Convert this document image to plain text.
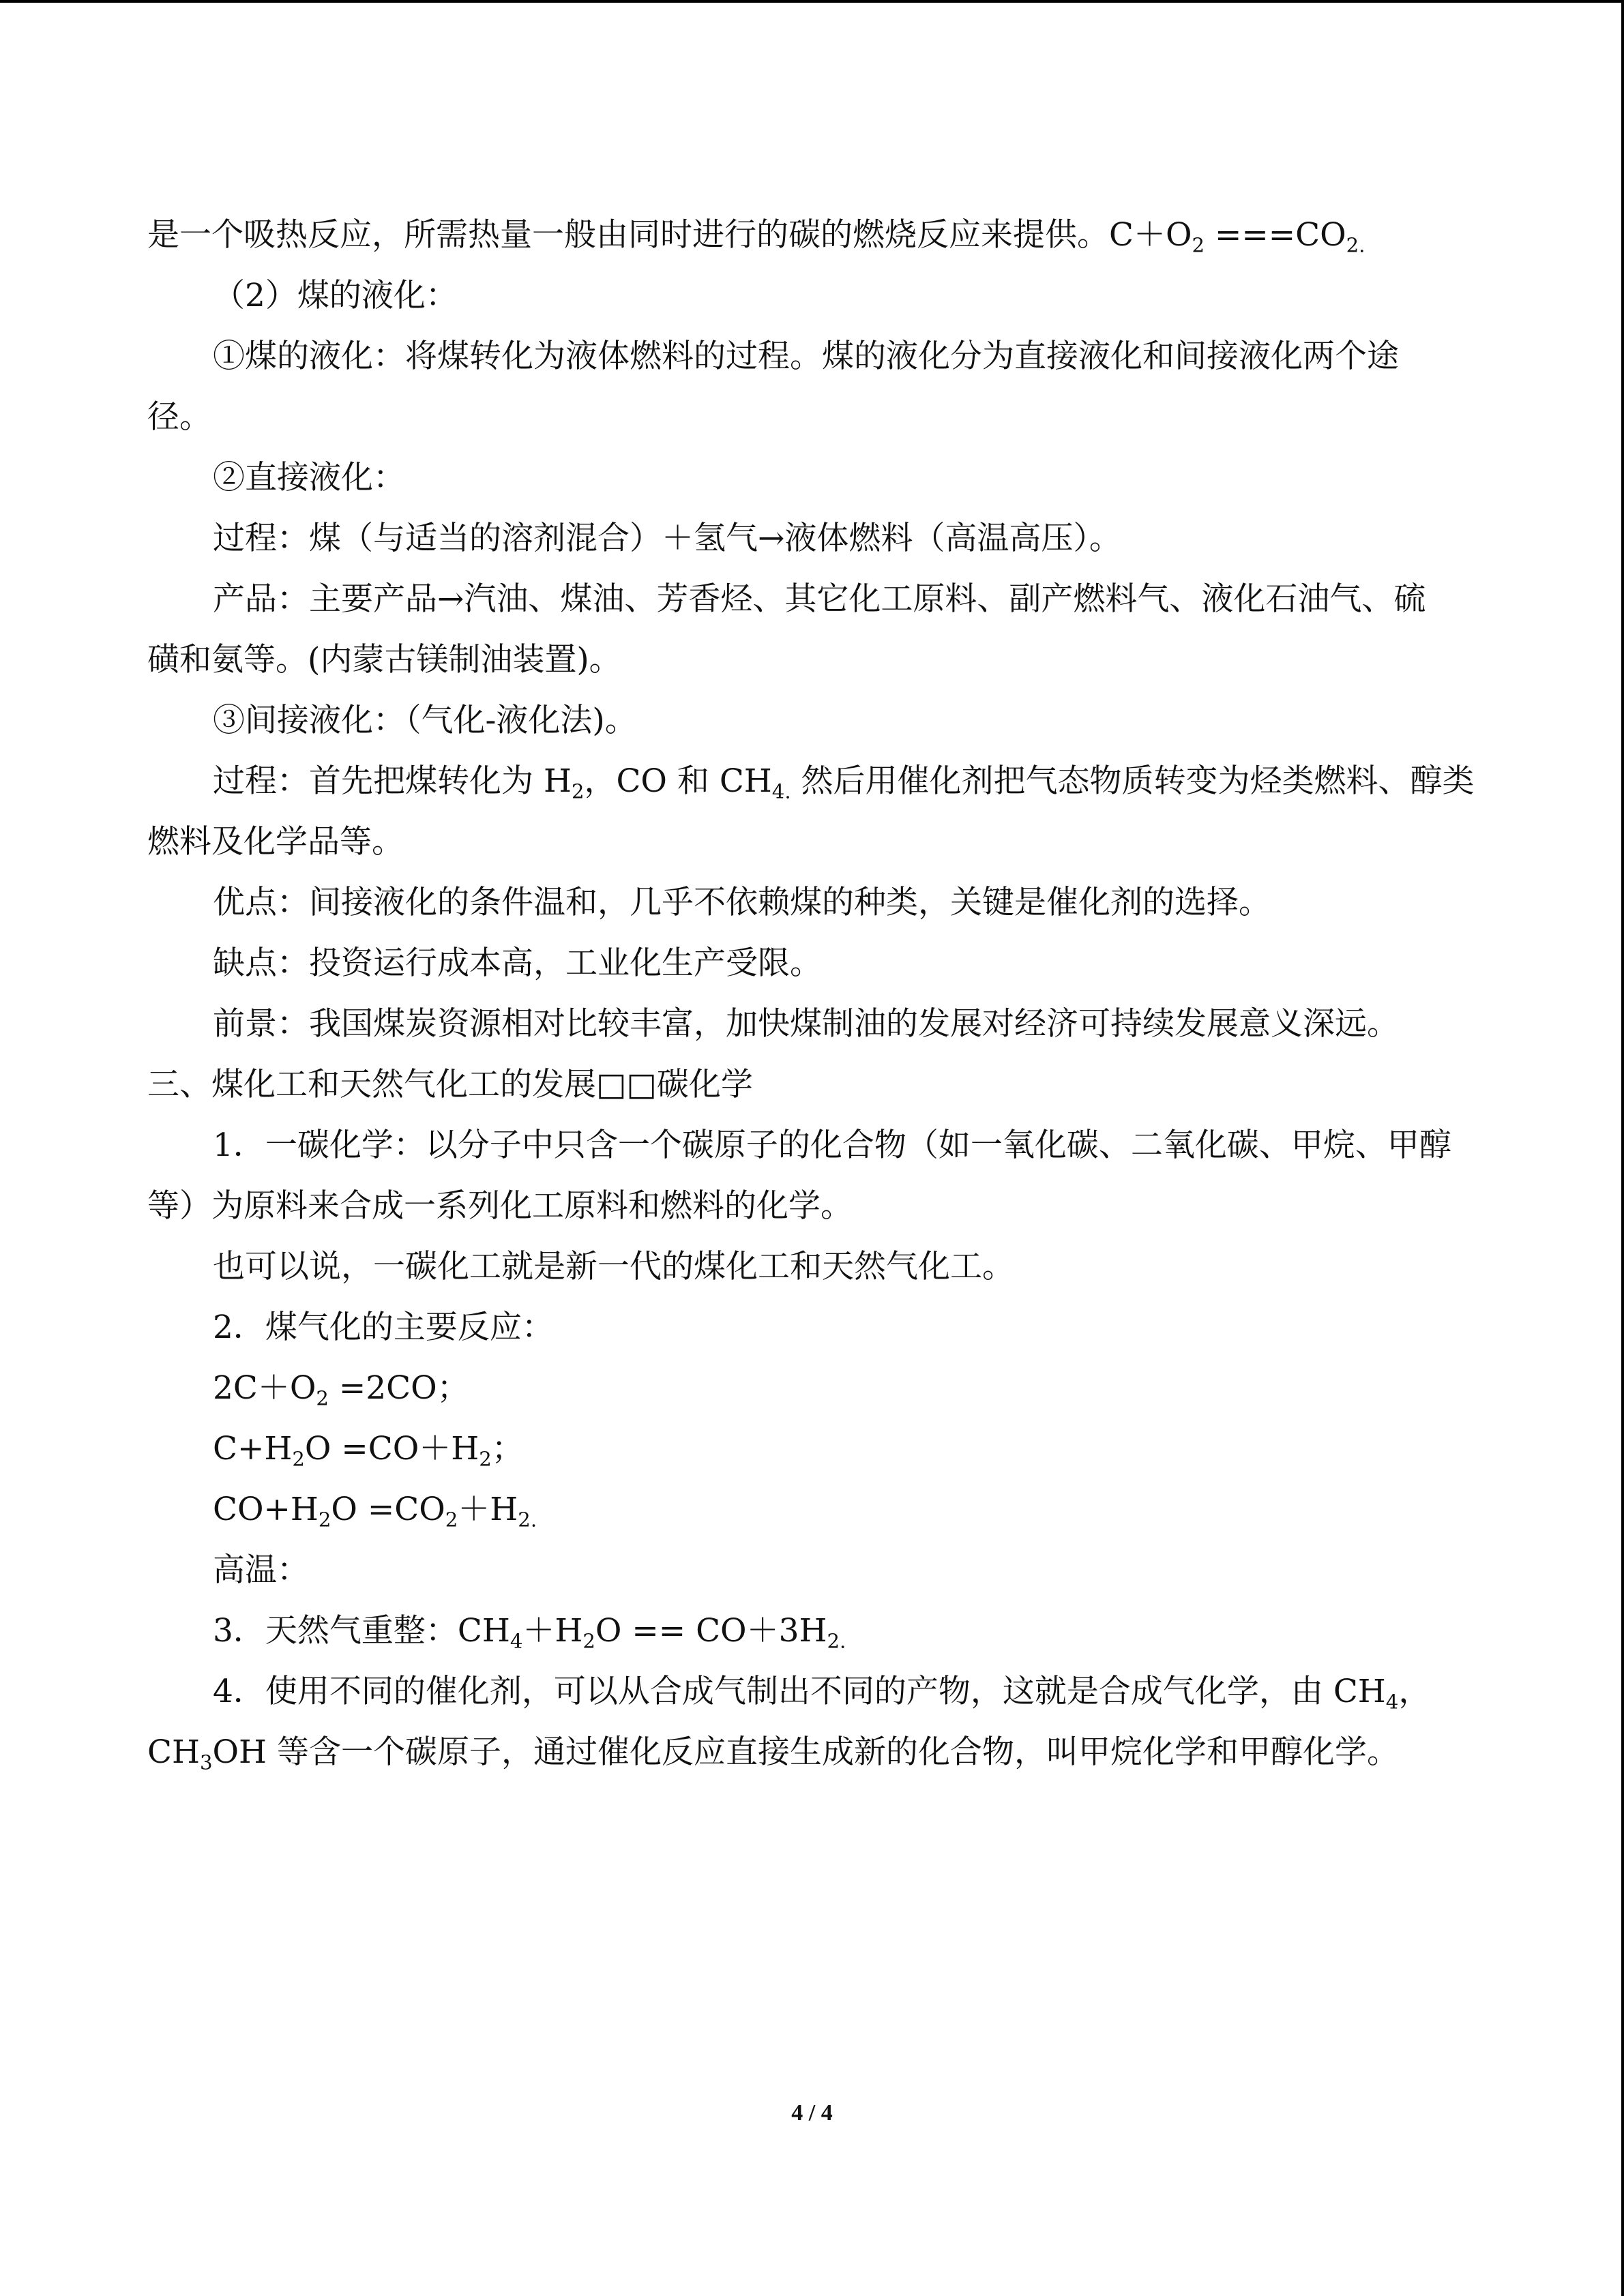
是一个吸热反应，所需热量一般由同时进行的碳的燃烧反应来提供。$C+O_2 ===CO_{2.}$
（2）煤的液化：
①煤的液化：将煤转化为液体燃料的过程。煤的液化分为直接液化和间接液化两个途
径。
②直接液化：
过程：煤（与适当的溶剂混合）＋氢气→液体燃料（高温高压）。
产品：主要产品→汽油、煤油、芳香烃、其它化工原料、副产燃料气、液化石油气、硫
磺和氨等。(内蒙古镁制油装置)。
③间接液化：（气化-液化法)。
过程：首先把煤转化为 $H_2$，CO 和 $CH_{4.}$ 然后用催化剂把气态物质转变为烃类燃料、醇类
燃料及化学品等。
优点：间接液化的条件温和，几乎不依赖煤的种类，关键是催化剂的选择。
缺点：投资运行成本高，工业化生产受限。
前景：我国煤炭资源相对比较丰富，加快煤制油的发展对经济可持续发展意义深远。
三、煤化工和天然气化工的发展□□碳化学
1．一碳化学：以分子中只含一个碳原子的化合物（如一氧化碳、二氧化碳、甲烷、甲醇
等）为原料来合成一系列化工原料和燃料的化学。
也可以说，一碳化工就是新一代的煤化工和天然气化工。
2．煤气化的主要反应：
$2C+O_2 =2CO$；
$C+H_2O =CO+H_2$；
$CO+H_2O =CO_2+H_{2.}$
高温：
3．天然气重整：$CH_4+H_2O == CO+3H_{2.}$
4．使用不同的催化剂，可以从合成气制出不同的产物，这就是合成气化学，由 $CH_4$，
$CH_3OH$ 等含一个碳原子，通过催化反应直接生成新的化合物，叫甲烷化学和甲醇化学。
4 / 4
